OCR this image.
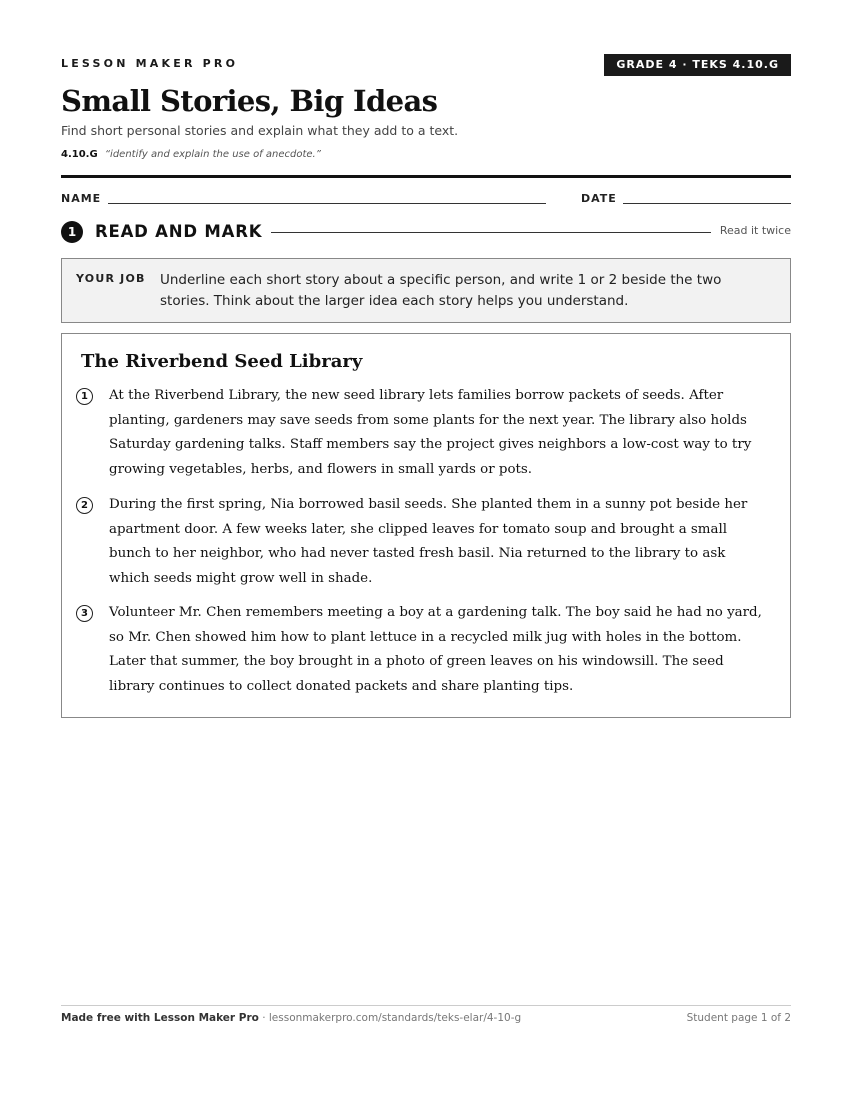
LESSON MAKER PRO	GRADE 4 · TEKS 4.10.G
Small Stories, Big Ideas
Find short personal stories and explain what they add to a text.
4.10.G “identify and explain the use of anecdote.”
NAME	DATE
1	READ AND MARK	Read it twice
YOUR JOB Underline each short story about a specific person, and write 1 or 2 beside the two stories. Think about the larger idea each story helps you understand.
The Riverbend Seed Library
1	At the Riverbend Library, the new seed library lets families borrow packets of seeds. After planting, gardeners may save seeds from some plants for the next year. The library also holds Saturday gardening talks. Staff members say the project gives neighbors a low-cost way to try growing vegetables, herbs, and flowers in small yards or pots.

2	During the first spring, Nia borrowed basil seeds. She planted them in a sunny pot beside her apartment door. A few weeks later, she clipped leaves for tomato soup and brought a small bunch to her neighbor, who had never tasted fresh basil. Nia returned to the library to ask which seeds might grow well in shade.

3	Volunteer Mr. Chen remembers meeting a boy at a gardening talk. The boy said he had no yard, so Mr. Chen showed him how to plant lettuce in a recycled milk jug with holes in the bottom. Later that summer, the boy brought in a photo of green leaves on his windowsill. The seed library continues to collect donated packets and share planting tips.

Made free with Lesson Maker Pro · lessonmakerpro.com/standards/teks-elar/4-10-g	Student page 1 of 2
